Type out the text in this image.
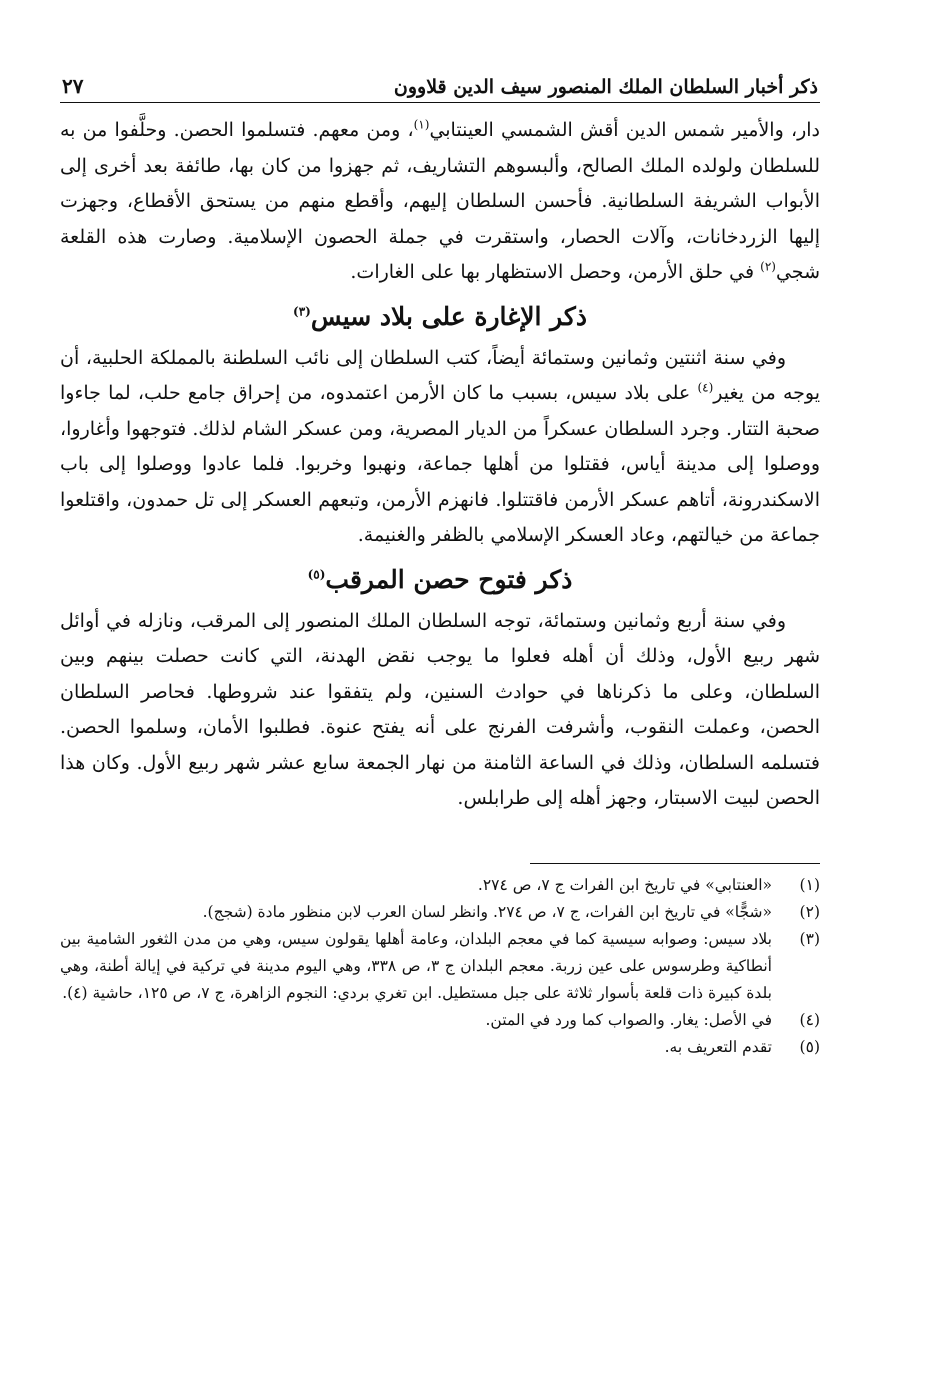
ذكر أخبار السلطان الملك المنصور سيف الدين قلاوون
٢٧

دار، والأمير شمس الدين أقش الشمسي العينتابي$^{(١)}$، ومن معهم. فتسلموا الحصن. وحلَّفوا من به للسلطان ولولده الملك الصالح، وألبسوهم التشاريف، ثم جهزوا من كان بها، طائفة بعد أخرى إلى الأبواب الشريفة السلطانية. فأحسن السلطان إليهم، وأقطع منهم من يستحق الأقطاع، وجهزت إليها الزردخانات، وآلات الحصار، واستقرت في جملة الحصون الإسلامية. وصارت هذه القلعة شجي$^{(٢)}$ في حلق الأرمن، وحصل الاستظهار بها على الغارات.

ذكر الإغارة على بلاد سيس$^{(٣)}$

وفي سنة اثنتين وثمانين وستمائة أيضاً، كتب السلطان إلى نائب السلطنة بالمملكة الحلبية، أن يوجه من يغير$^{(٤)}$ على بلاد سيس، بسبب ما كان الأرمن اعتمدوه، من إحراق جامع حلب، لما جاءوا صحبة التتار. وجرد السلطان عسكراً من الديار المصرية، ومن عسكر الشام لذلك. فتوجهوا وأغاروا، ووصلوا إلى مدينة أياس، فقتلوا من أهلها جماعة، ونهبوا وخربوا. فلما عادوا ووصلوا إلى باب الاسكندرونة، أتاهم عسكر الأرمن فاقتتلوا. فانهزم الأرمن، وتبعهم العسكر إلى تل حمدون، واقتلعوا جماعة من خيالتهم، وعاد العسكر الإسلامي بالظفر والغنيمة.

ذكر فتوح حصن المرقب$^{(٥)}$

وفي سنة أربع وثمانين وستمائة، توجه السلطان الملك المنصور إلى المرقب، ونازله في أوائل شهر ربيع الأول، وذلك أن أهله فعلوا ما يوجب نقض الهدنة، التي كانت حصلت بينهم وبين السلطان، وعلى ما ذكرناها في حوادث السنين، ولم يتفقوا عند شروطها. فحاصر السلطان الحصن، وعملت النقوب، وأشرفت الفرنج على أنه يفتح عنوة. فطلبوا الأمان، وسلموا الحصن. فتسلمه السلطان، وذلك في الساعة الثامنة من نهار الجمعة سابع عشر شهر ربيع الأول. وكان هذا الحصن لبيت الاسبتار، وجهز أهله إلى طرابلس.

(١)
«العنتابي» في تاريخ ابن الفرات ج ٧، ص ٢٧٤.
(٢)
«شجًّا» في تاريخ ابن الفرات، ج ٧، ص ٢٧٤. وانظر لسان العرب لابن منظور مادة (شجج).
(٣)
بلاد سيس: وصوابه سيسية كما في معجم البلدان، وعامة أهلها يقولون سيس، وهي من مدن الثغور الشامية بين أنطاكية وطرسوس على عين زربة. معجم البلدان ج ٣، ص ٣٣٨، وهي اليوم مدينة في تركية في إيالة أطنة، وهي بلدة كبيرة ذات قلعة بأسوار ثلاثة على جبل مستطيل. ابن تغري بردي: النجوم الزاهرة، ج ٧، ص ١٢٥، حاشية (٤).
(٤)
في الأصل: يغار. والصواب كما ورد في المتن.
(٥)
تقدم التعريف به.
